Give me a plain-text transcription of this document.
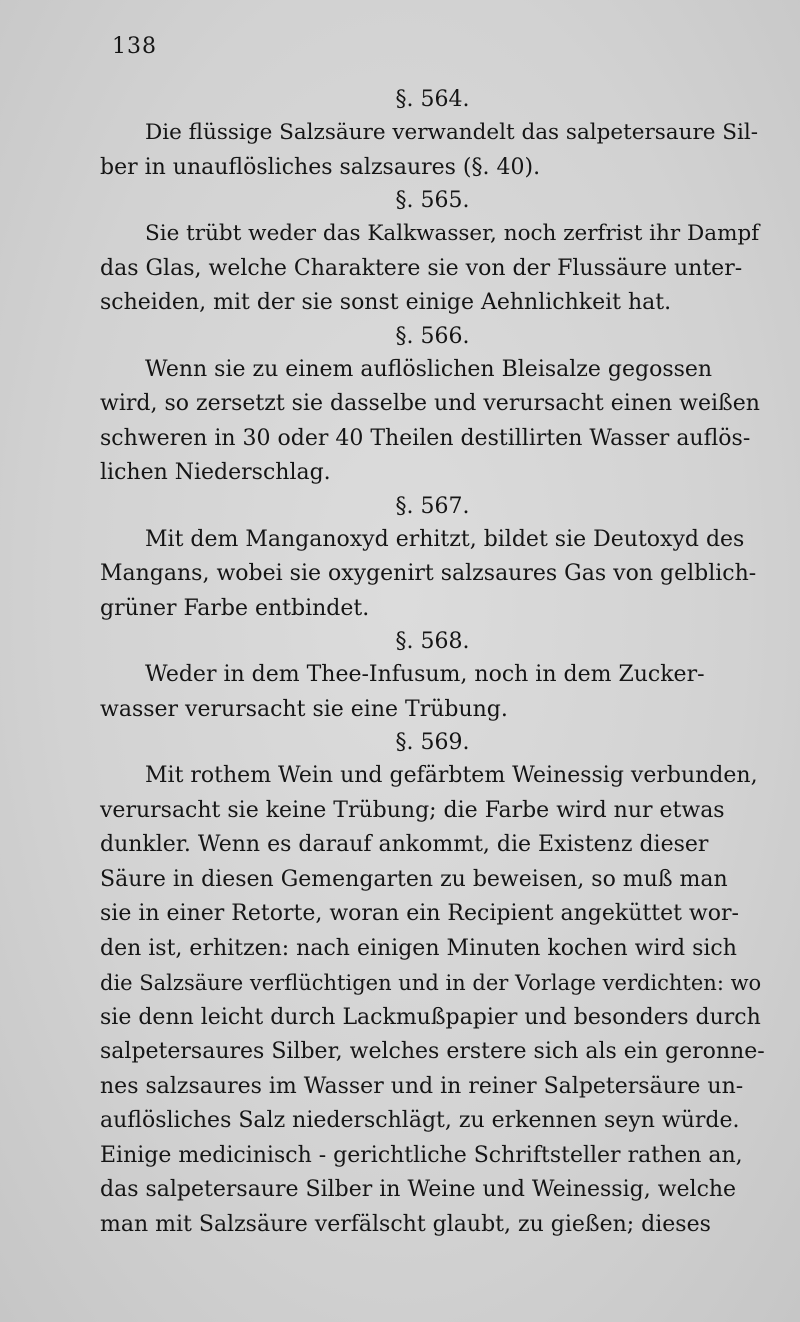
138

§. 564.

Die flüssige Salzsäure verwandelt das salpetersaure Sil-
ber in unauflösliches salzsaures (§. 40).

§. 565.

Sie trübt weder das Kalkwasser, noch zerfrist ihr Dampf
das Glas, welche Charaktere sie von der Flussäure unter-
scheiden, mit der sie sonst einige Aehnlichkeit hat.

§. 566.

Wenn sie zu einem auflöslichen Bleisalze gegossen
wird, so zersetzt sie dasselbe und verursacht einen weißen
schweren in 30 oder 40 Theilen destillirten Wasser auflös-
lichen Niederschlag.

§. 567.

Mit dem Manganoxyd erhitzt, bildet sie Deutoxyd des
Mangans, wobei sie oxygenirt salzsaures Gas von gelblich-
grüner Farbe entbindet.

§. 568.

Weder in dem Thee-Infusum, noch in dem Zucker-
wasser verursacht sie eine Trübung.

§. 569.

Mit rothem Wein und gefärbtem Weinessig verbunden,
verursacht sie keine Trübung; die Farbe wird nur etwas
dunkler. Wenn es darauf ankommt, die Existenz dieser
Säure in diesen Gemengarten zu beweisen, so muß man
sie in einer Retorte, woran ein Recipient angeküttet wor-
den ist, erhitzen: nach einigen Minuten kochen wird sich
die Salzsäure verflüchtigen und in der Vorlage verdichten: wo
sie denn leicht durch Lackmußpapier und besonders durch
salpetersaures Silber, welches erstere sich als ein geronne-
nes salzsaures im Wasser und in reiner Salpetersäure un-
auflösliches Salz niederschlägt, zu erkennen seyn würde.
Einige medicinisch - gerichtliche Schriftsteller rathen an,
das salpetersaure Silber in Weine und Weinessig, welche
man mit Salzsäure verfälscht glaubt, zu gießen; dieses
